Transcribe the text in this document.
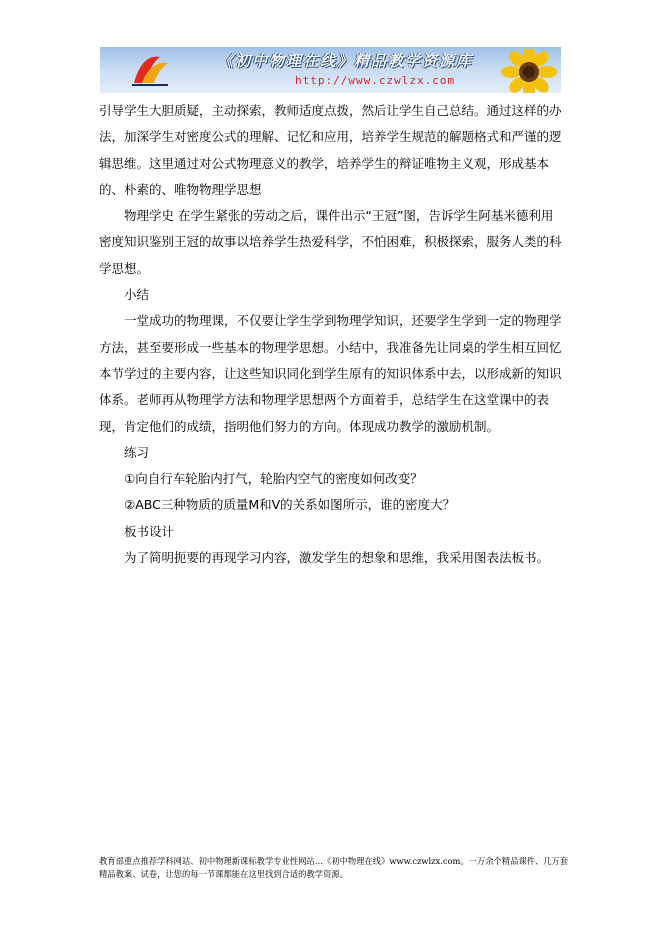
《初中物理在线》精品教学资源库
http://www.czwlzx.com

引导学生大胆质疑，主动探索，教师适度点拨，然后让学生自己总结。通过这样的办法，加深学生对密度公式的理解、记忆和应用，培养学生规范的解题格式和严谨的逻辑思维。这里通过对公式物理意义的教学，培养学生的辩证唯物主义观，形成基本的、朴素的、唯物物理学思想

物理学史 在学生紧张的劳动之后，课件出示“王冠”图，告诉学生阿基米德利用密度知识鉴别王冠的故事以培养学生热爱科学，不怕困难，积极探索，服务人类的科学思想。

小结

一堂成功的物理课，不仅要让学生学到物理学知识，还要学生学到一定的物理学方法，甚至要形成一些基本的物理学思想。小结中，我准备先让同桌的学生相互回忆本节学过的主要内容，让这些知识同化到学生原有的知识体系中去，以形成新的知识体系。老师再从物理学方法和物理学思想两个方面着手，总结学生在这堂课中的表现，肯定他们的成绩，指明他们努力的方向。体现成功教学的激励机制。

练习

①向自行车轮胎内打气，轮胎内空气的密度如何改变？

②ABC三种物质的质量M和V的关系如图所示，谁的密度大？

板书设计

为了简明扼要的再现学习内容，激发学生的想象和思维，我采用图表法板书。

教育部重点推荐学科网站、初中物理新课标教学专业性网站…《初中物理在线》www.czwlzx.com。一万余个精品课件、几万套精品教案、试卷，让您的每一节课都能在这里找到合适的教学资源。
